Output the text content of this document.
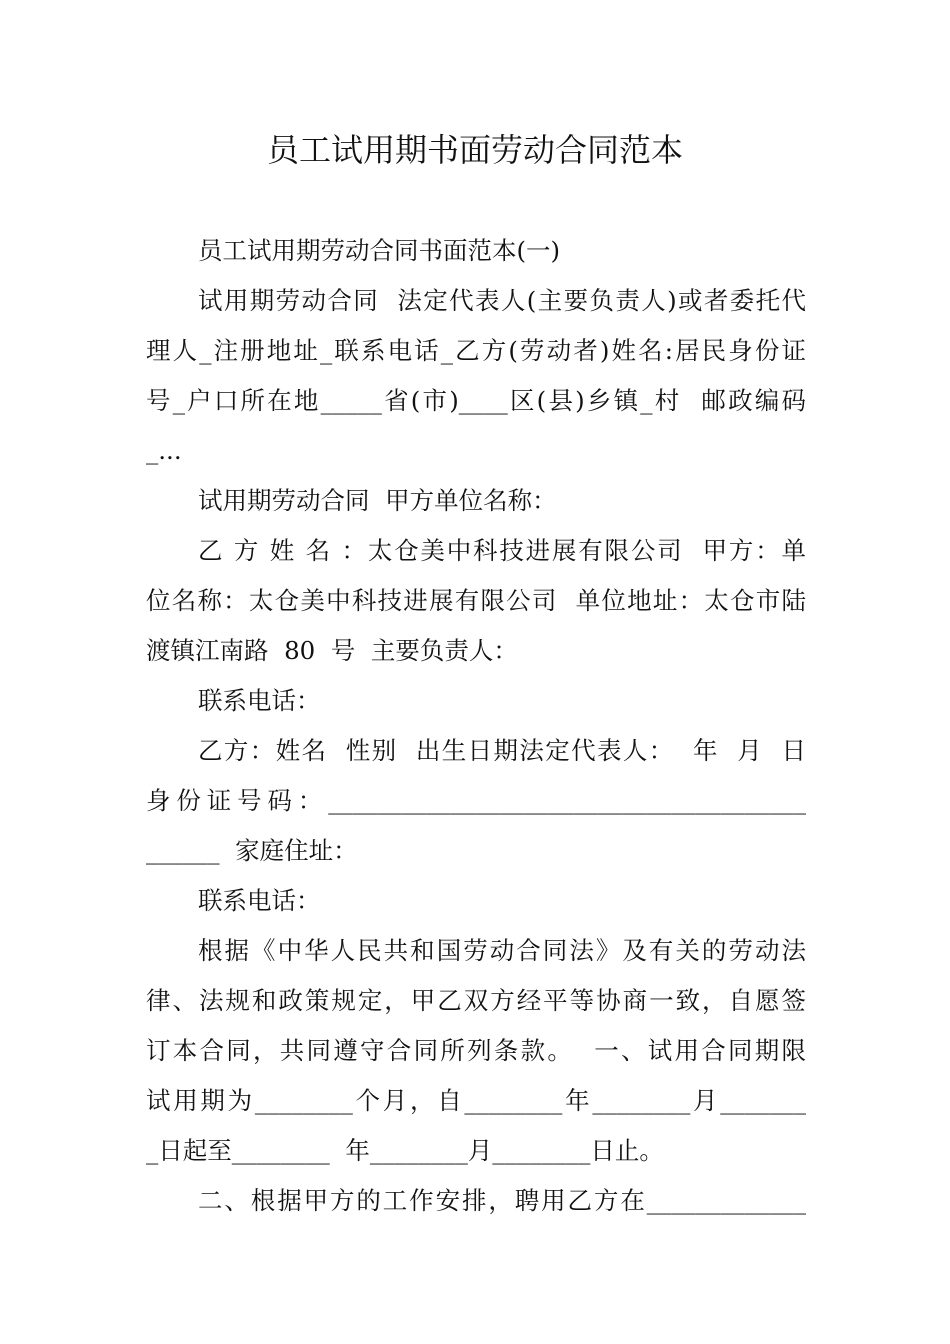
员工试用期书面劳动合同范本
员工试用期劳动合同书面范本(一)
试用期劳动合同  法定代表人(主要负责人)或者委托代
理人_注册地址_联系电话_乙方(劳动者)姓名:居民身份证
号_户口所在地_____省(市)____区(县)乡镇_村  邮政编码
_...
试用期劳动合同  甲方单位名称：
乙 方 姓 名 ：太仓美中科技进展有限公司  甲方：单
位名称：太仓美中科技进展有限公司  单位地址：太仓市陆
渡镇江南路  80  号  主要负责人：
联系电话：
乙方：姓名  性别  出生日期法定代表人：  年  月  日
身份证号码：_______________________________________
______  家庭住址：
联系电话：
根据《中华人民共和国劳动合同法》及有关的劳动法
律、法规和政策规定，甲乙双方经平等协商一致，自愿签
订本合同，共同遵守合同所列条款。  一、试用合同期限
试用期为________个月，自________年________月_______
_日起至________  年________月________日止。
二、根据甲方的工作安排，聘用乙方在_____________
